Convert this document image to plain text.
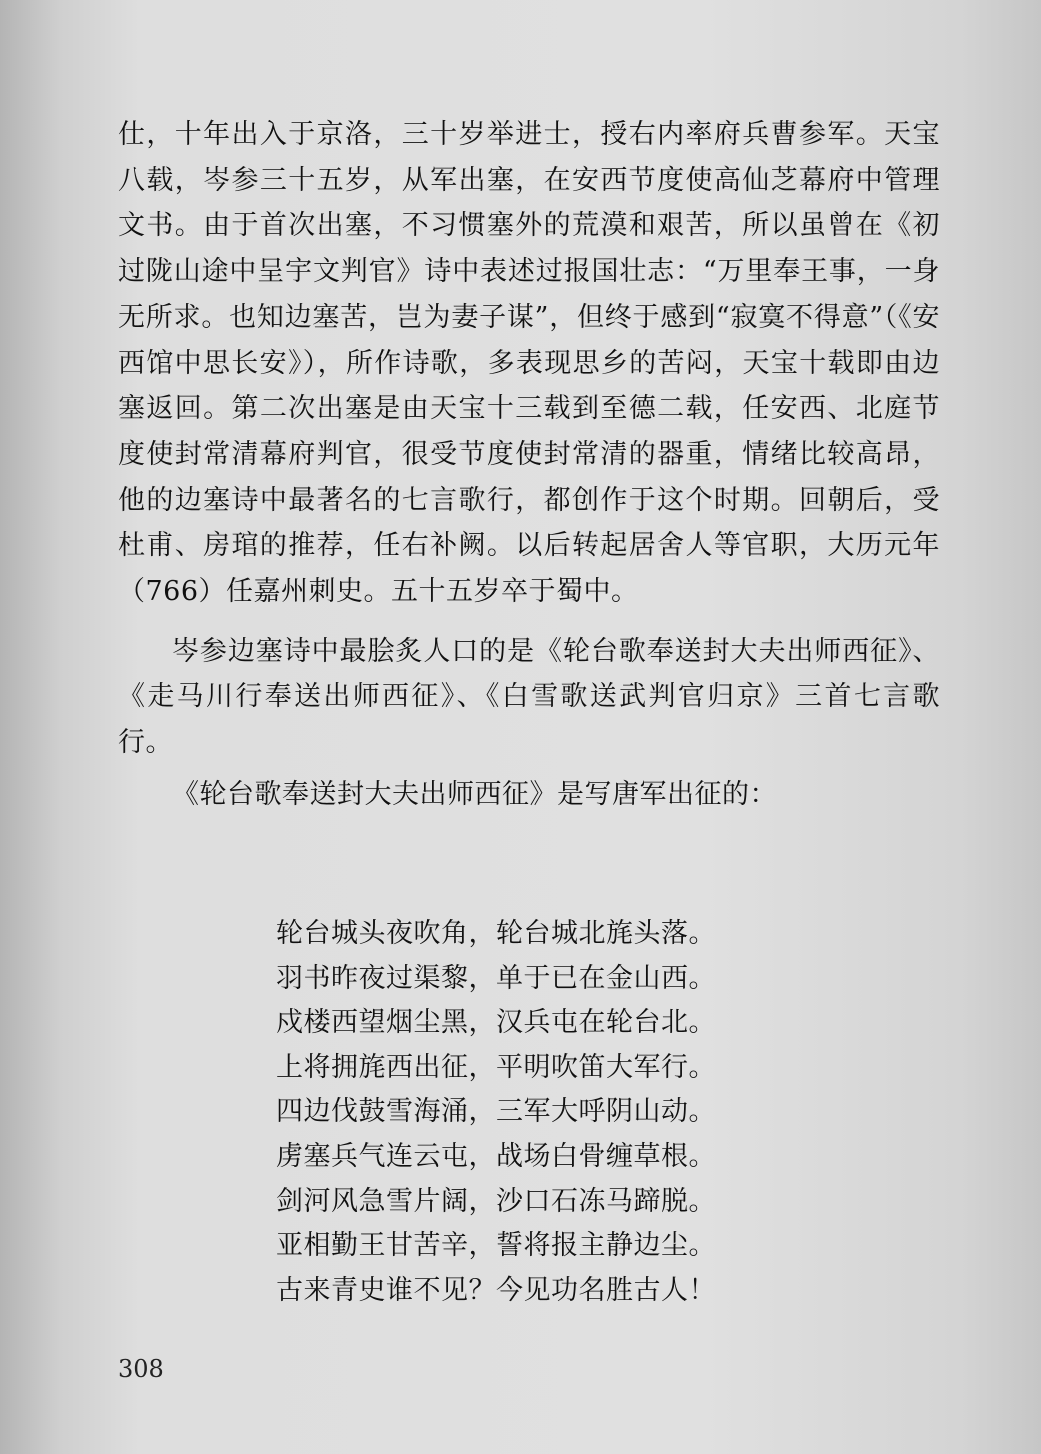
仕，十年出入于京洛，三十岁举进士，授右内率府兵曹参军。天宝八载，岑参三十五岁，从军出塞，在安西节度使高仙芝幕府中管理文书。由于首次出塞，不习惯塞外的荒漠和艰苦，所以虽曾在《初过陇山途中呈宇文判官》诗中表述过报国壮志：“万里奉王事，一身无所求。也知边塞苦，岂为妻子谋”，但终于感到“寂寞不得意”（《安西馆中思长安》），所作诗歌，多表现思乡的苦闷，天宝十载即由边塞返回。第二次出塞是由天宝十三载到至德二载，任安西、北庭节度使封常清幕府判官，很受节度使封常清的器重，情绪比较高昂，他的边塞诗中最著名的七言歌行，都创作于这个时期。回朝后，受杜甫、房琯的推荐，任右补阙。以后转起居舍人等官职，大历元年（766）任嘉州刺史。五十五岁卒于蜀中。

岑参边塞诗中最脍炙人口的是《轮台歌奉送封大夫出师西征》、《走马川行奉送出师西征》、《白雪歌送武判官归京》三首七言歌行。

《轮台歌奉送封大夫出师西征》是写唐军出征的：

轮台城头夜吹角，轮台城北旄头落。
羽书昨夜过渠黎，单于已在金山西。
戍楼西望烟尘黑，汉兵屯在轮台北。
上将拥旄西出征，平明吹笛大军行。
四边伐鼓雪海涌，三军大呼阴山动。
虏塞兵气连云屯，战场白骨缠草根。
剑河风急雪片阔，沙口石冻马蹄脱。
亚相勤王甘苦辛，誓将报主静边尘。
古来青史谁不见？今见功名胜古人！
308
